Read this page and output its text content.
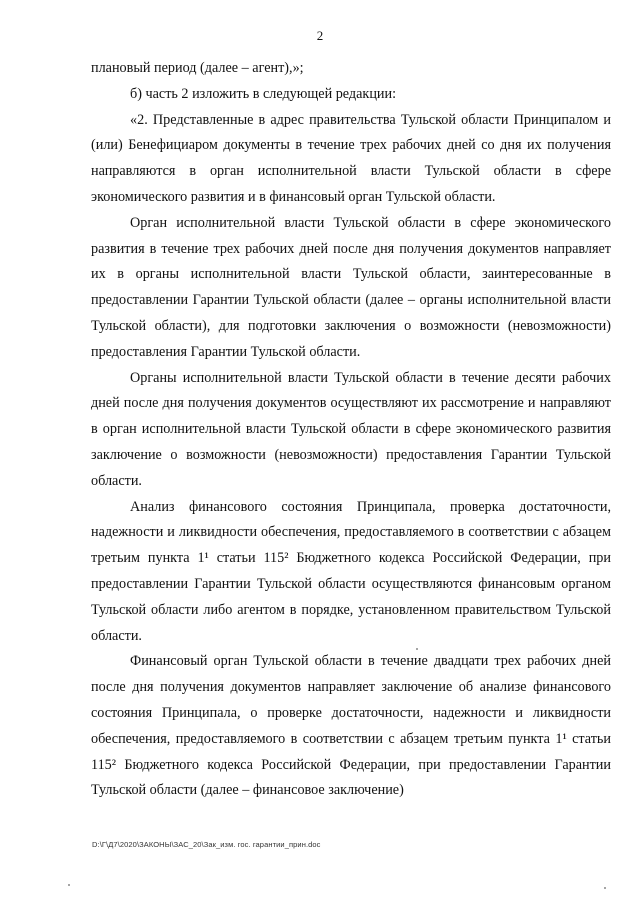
2

плановый период (далее – агент),»;

б) часть 2 изложить в следующей редакции:

«2. Представленные в адрес правительства Тульской области Принципалом и (или) Бенефициаром документы в течение трех рабочих дней со дня их получения направляются в орган исполнительной власти Тульской области в сфере экономического развития и в финансовый орган Тульской области.

Орган исполнительной власти Тульской области в сфере экономического развития в течение трех рабочих дней после дня получения документов направляет их в органы исполнительной власти Тульской области, заинтересованные в предоставлении Гарантии Тульской области (далее – органы исполнительной власти Тульской области), для подготовки заключения о возможности (невозможности) предоставления Гарантии Тульской области.

Органы исполнительной власти Тульской области в течение десяти рабочих дней после дня получения документов осуществляют их рассмотрение и направляют в орган исполнительной власти Тульской области в сфере экономического развития заключение о возможности (невозможности) предоставления Гарантии Тульской области.

Анализ финансового состояния Принципала, проверка достаточности, надежности и ликвидности обеспечения, предоставляемого в соответствии с абзацем третьим пункта 1¹ статьи 115² Бюджетного кодекса Российской Федерации, при предоставлении Гарантии Тульской области осуществляются финансовым органом Тульской области либо агентом в порядке, установленном правительством Тульской области.

Финансовый орган Тульской области в течение двадцати трех рабочих дней после дня получения документов направляет заключение об анализе финансового состояния Принципала, о проверке достаточности, надежности и ликвидности обеспечения, предоставляемого в соответствии с абзацем третьим пункта 1¹ статьи 115² Бюджетного кодекса Российской Федерации, при предоставлении Гарантии Тульской области (далее – финансовое заключение)

D:\Г\Д7\2020\ЗАКОНЫ\ЗАС_20\Зак_изм. гос. гарантии_прин.doc
